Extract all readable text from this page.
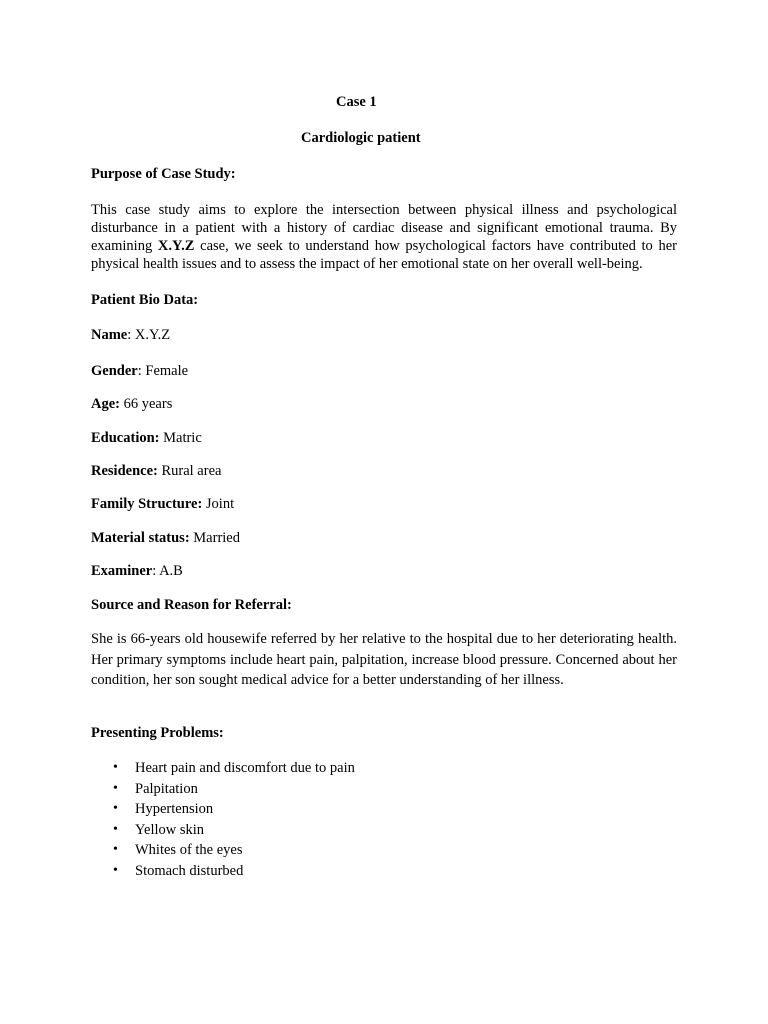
Case 1
Cardiologic patient
Purpose of Case Study:

This case study aims to explore the intersection between physical illness and psychological disturbance in a patient with a history of cardiac disease and significant emotional trauma. By examining X.Y.Z case, we seek to understand how psychological factors have contributed to her physical health issues and to assess the impact of her emotional state on her overall well-being.

Patient Bio Data:
Name: X.Y.Z
Gender: Female
Age: 66 years
Education: Matric
Residence: Rural area
Family Structure: Joint
Material status: Married
Examiner: A.B
Source and Reason for Referral:

She is 66-years old housewife referred by her relative to the hospital due to her deteriorating health. Her primary symptoms include heart pain, palpitation, increase blood pressure. Concerned about her condition, her son sought medical advice for a better understanding of her illness.

Presenting Problems:
• Heart pain and discomfort due to pain
• Palpitation
• Hypertension
• Yellow skin
• Whites of the eyes
• Stomach disturbed
